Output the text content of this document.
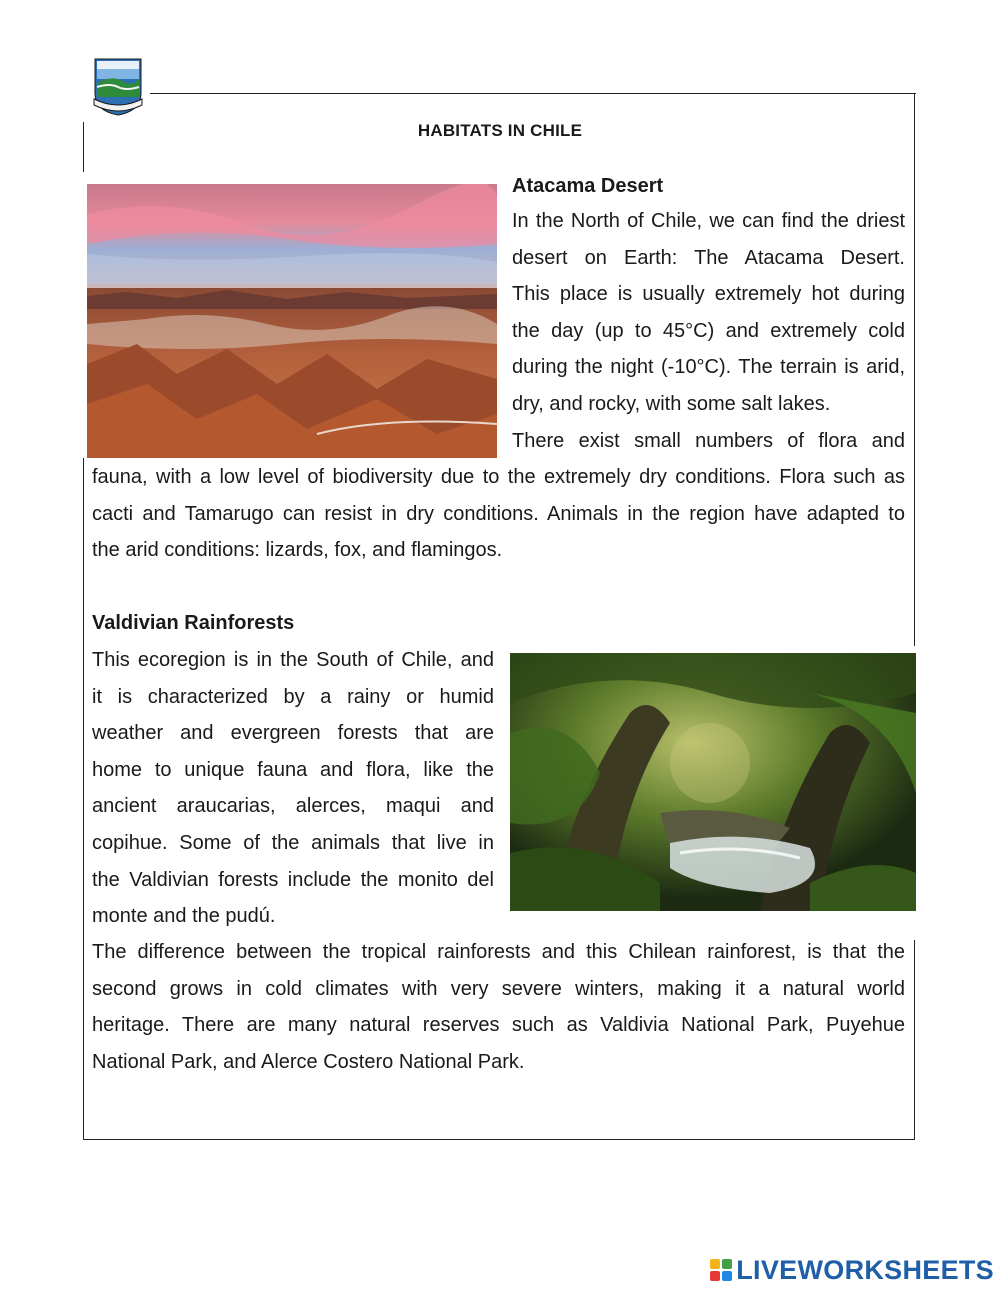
HABITATS IN CHILE
Atacama Desert
In the North of Chile, we can find the driest
desert on Earth: The Atacama Desert.
This place is usually extremely hot during
the day (up to 45°C) and extremely cold
during the night (-10°C). The terrain is arid,
dry, and rocky, with some salt lakes.
There exist small numbers of flora and
fauna, with a low level of biodiversity due to the extremely dry conditions. Flora such as
cacti and Tamarugo can resist in dry conditions. Animals in the region have adapted to
the arid conditions: lizards, fox, and flamingos.
Valdivian Rainforests
This ecoregion is in the South of Chile, and
it is characterized by a rainy or humid
weather and evergreen forests that are
home to unique fauna and flora, like the
ancient araucarias, alerces, maqui and
copihue. Some of the animals that live in
the Valdivian forests include the monito del
monte and the pudú.
The difference between the tropical rainforests and this Chilean rainforest, is that the
second grows in cold climates with very severe winters, making it a natural world
heritage. There are many natural reserves such as Valdivia National Park, Puyehue
National Park, and Alerce Costero National Park.
LIVEWORKSHEETS
